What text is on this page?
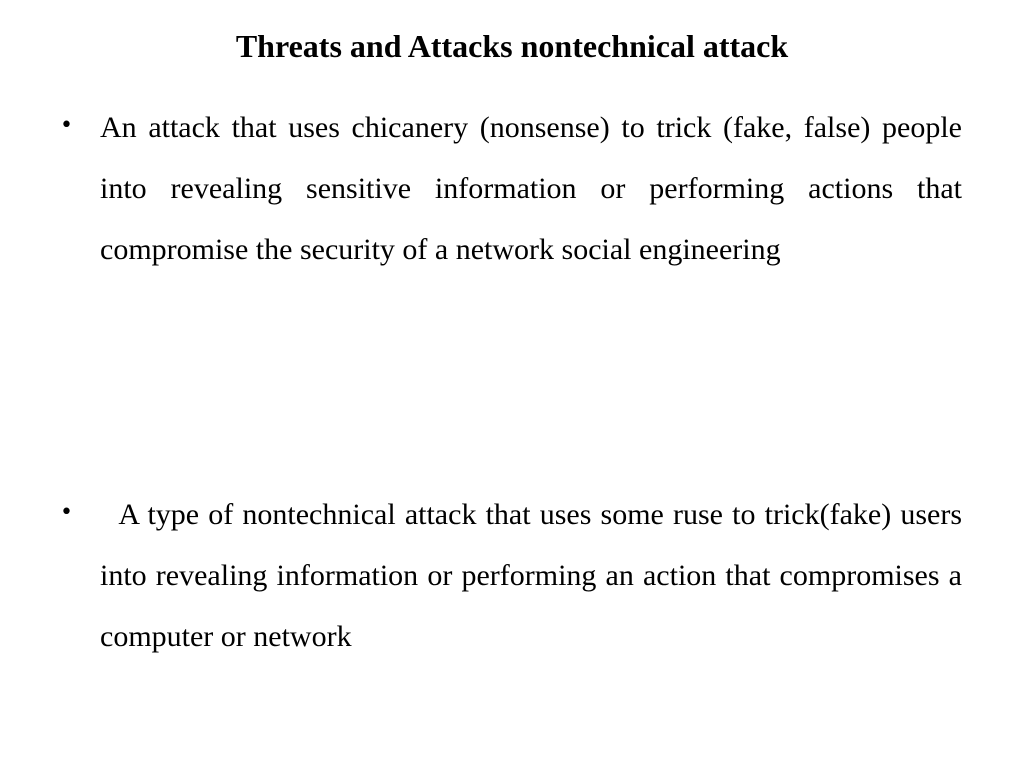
Threats and Attacks nontechnical attack
• An attack that uses chicanery (nonsense) to trick (fake, false) people into revealing sensitive information or performing actions that compromise the security of a network social engineering
• A type of nontechnical attack that uses some ruse to trick(fake) users into revealing information or performing an action that compromises a computer or network
